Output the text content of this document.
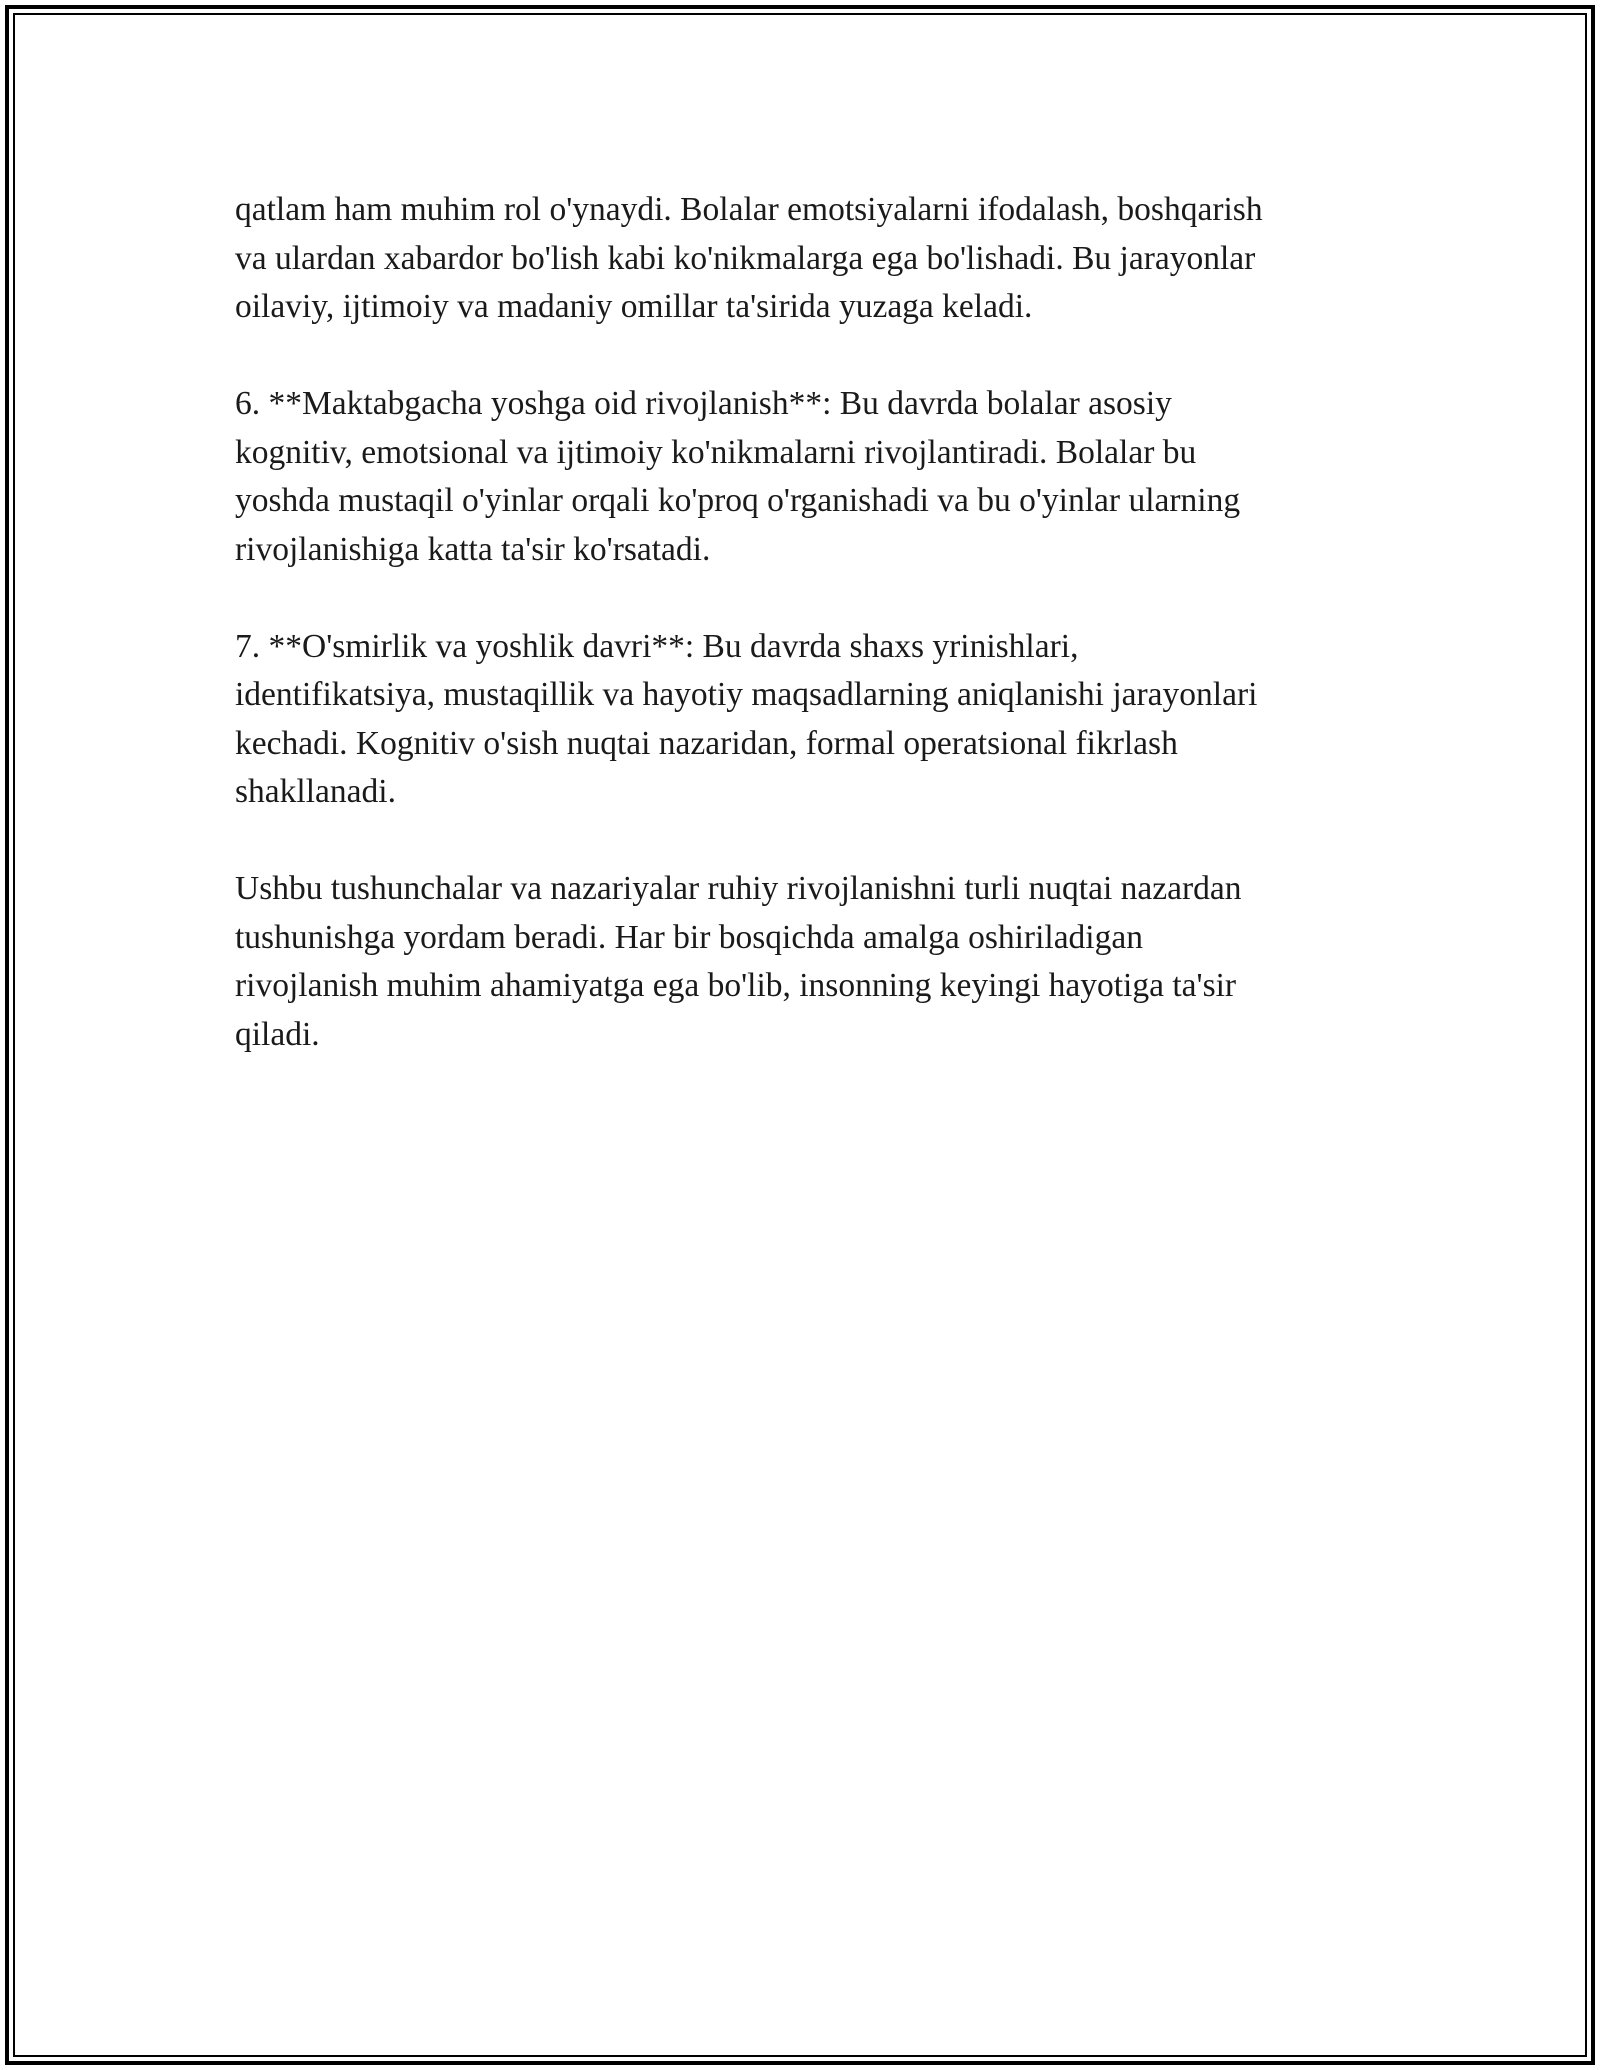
qatlam ham muhim rol o'ynaydi. Bolalar emotsiyalarni ifodalash, boshqarish
va ulardan xabardor bo'lish kabi ko'nikmalarga ega bo'lishadi. Bu jarayonlar
oilaviy, ijtimoiy va madaniy omillar ta'sirida yuzaga keladi.

6. **Maktabgacha yoshga oid rivojlanish**: Bu davrda bolalar asosiy
kognitiv, emotsional va ijtimoiy ko'nikmalarni rivojlantiradi. Bolalar bu
yoshda mustaqil o'yinlar orqali ko'proq o'rganishadi va bu o'yinlar ularning
rivojlanishiga katta ta'sir ko'rsatadi.

7. **O'smirlik va yoshlik davri**: Bu davrda shaxs yrinishlari,
identifikatsiya, mustaqillik va hayotiy maqsadlarning aniqlanishi jarayonlari
kechadi. Kognitiv o'sish nuqtai nazaridan, formal operatsional fikrlash
shakllanadi.

Ushbu tushunchalar va nazariyalar ruhiy rivojlanishni turli nuqtai nazardan
tushunishga yordam beradi. Har bir bosqichda amalga oshiriladigan
rivojlanish muhim ahamiyatga ega bo'lib, insonning keyingi hayotiga ta'sir
qiladi.
